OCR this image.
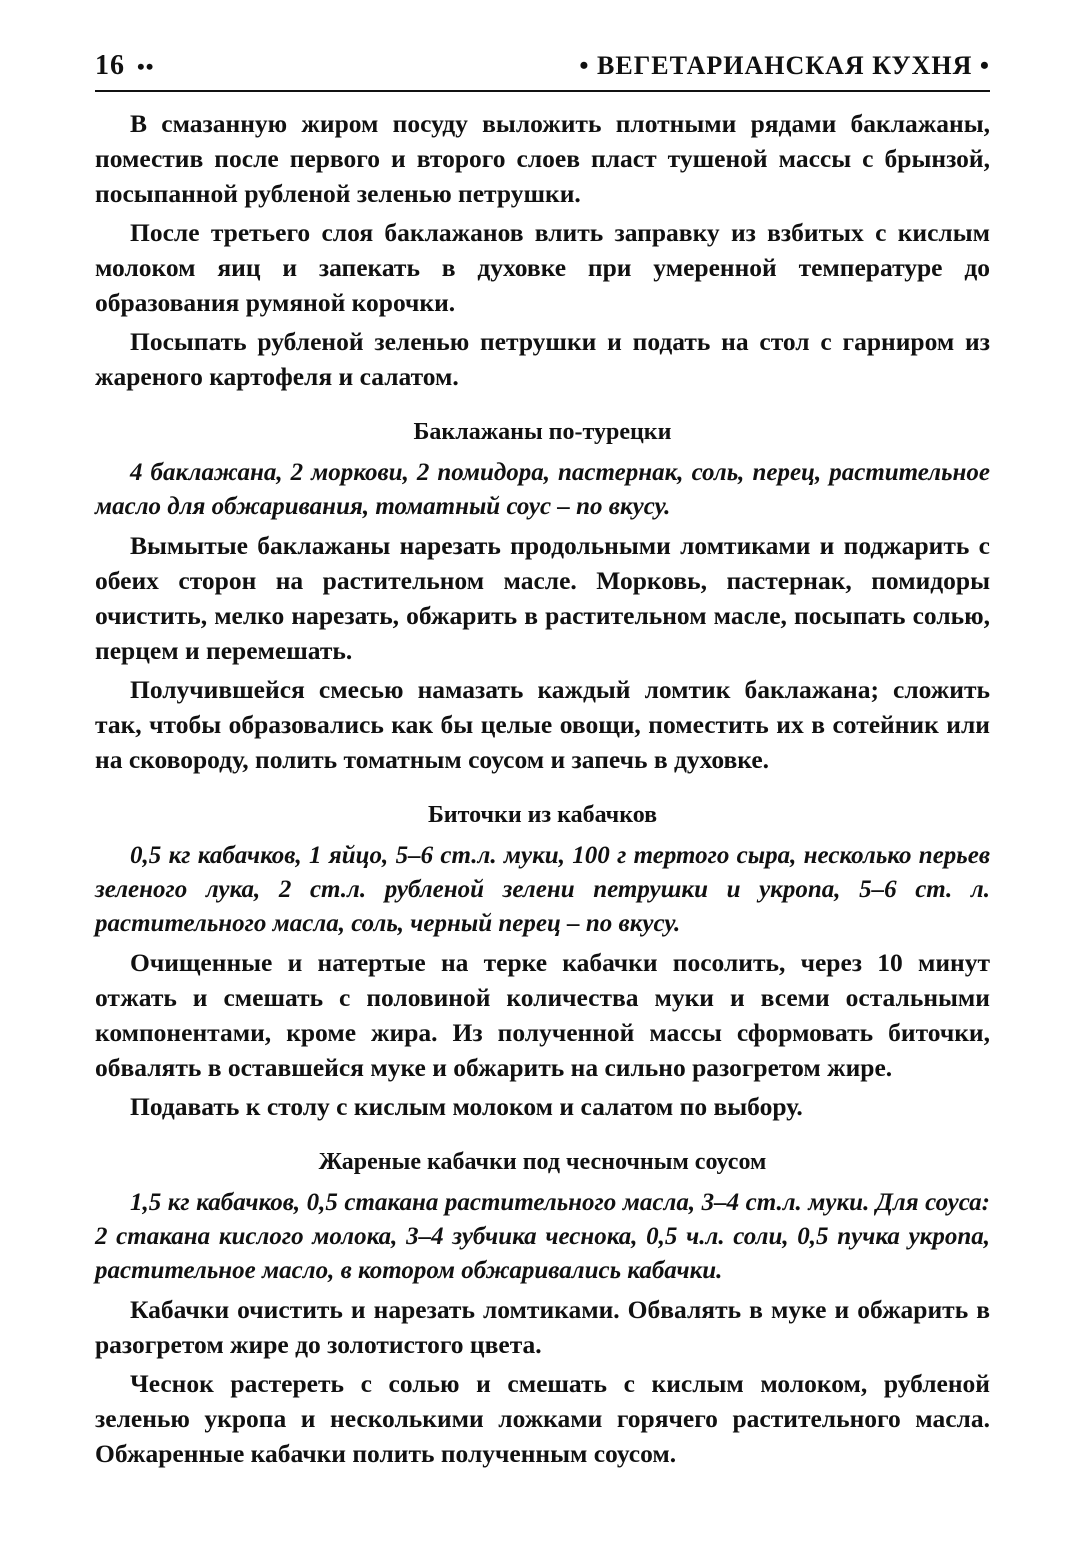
16 ••	• ВЕГЕТАРИАНСКАЯ КУХНЯ •

В смазанную жиром посуду выложить плотными рядами баклажаны, поместив после первого и второго слоев пласт тушеной массы с брынзой, посыпанной рубленой зеленью петрушки.

После третьего слоя баклажанов влить заправку из взбитых с кислым молоком яиц и запекать в духовке при умеренной температуре до образования румяной корочки.

Посыпать рубленой зеленью петрушки и подать на стол с гарниром из жареного картофеля и салатом.

Баклажаны по-турецки
4 баклажана, 2 моркови, 2 помидора, пастернак, соль, перец, растительное масло для обжаривания, томатный соус – по вкусу.

Вымытые баклажаны нарезать продольными ломтиками и поджарить с обеих сторон на растительном масле. Морковь, пастернак, помидоры очистить, мелко нарезать, обжарить в растительном масле, посыпать солью, перцем и перемешать.

Получившейся смесью намазать каждый ломтик баклажана; сложить так, чтобы образовались как бы целые овощи, поместить их в сотейник или на сковороду, полить томатным соусом и запечь в духовке.

Биточки из кабачков
0,5 кг кабачков, 1 яйцо, 5–6 ст.л. муки, 100 г тертого сыра, несколько перьев зеленого лука, 2 ст.л. рубленой зелени петрушки и укропа, 5–6 ст. л. растительного масла, соль, черный перец – по вкусу.

Очищенные и натертые на терке кабачки посолить, через 10 минут отжать и смешать с половиной количества муки и всеми остальными компонентами, кроме жира. Из полученной массы сформовать биточки, обвалять в оставшейся муке и обжарить на сильно разогретом жире.

Подавать к столу с кислым молоком и салатом по выбору.

Жареные кабачки под чесночным соусом
1,5 кг кабачков, 0,5 стакана растительного масла, 3–4 ст.л. муки. Для соуса: 2 стакана кислого молока, 3–4 зубчика чеснока, 0,5 ч.л. соли, 0,5 пучка укропа, растительное масло, в котором обжаривались кабачки.

Кабачки очистить и нарезать ломтиками. Обвалять в муке и обжарить в разогретом жире до золотистого цвета.

Чеснок растереть с солью и смешать с кислым молоком, рубленой зеленью укропа и несколькими ложками горячего растительного масла. Обжаренные кабачки полить полученным соусом.
